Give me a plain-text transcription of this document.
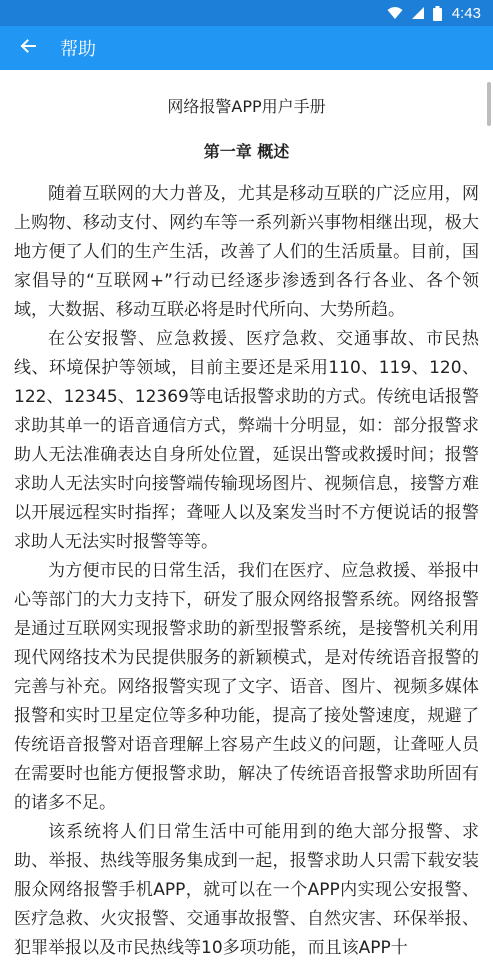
4:43
帮助
网络报警APP用户手册
第一章 概述

随着互联网的大力普及，尤其是移动互联的广泛应用，网上购物、移动支付、网约车等一系列新兴事物相继出现，极大地方便了人们的生产生活，改善了人们的生活质量。目前，国家倡导的“互联网+”行动已经逐步渗透到各行各业、各个领域，大数据、移动互联必将是时代所向、大势所趋。

在公安报警、应急救援、医疗急救、交通事故、市民热线、环境保护等领域，目前主要还是采用110、119、120、122、12345、12369等电话报警求助的方式。传统电话报警求助其单一的语音通信方式，弊端十分明显，如：部分报警求助人无法准确表达自身所处位置，延误出警或救援时间；报警求助人无法实时向接警端传输现场图片、视频信息，接警方难以开展远程实时指挥；聋哑人以及案发当时不方便说话的报警求助人无法实时报警等等。

为方便市民的日常生活，我们在医疗、应急救援、举报中心等部门的大力支持下，研发了服众网络报警系统。网络报警是通过互联网实现报警求助的新型报警系统，是接警机关利用现代网络技术为民提供服务的新颖模式，是对传统语音报警的完善与补充。网络报警实现了文字、语音、图片、视频多媒体报警和实时卫星定位等多种功能，提高了接处警速度，规避了传统语音报警对语音理解上容易产生歧义的问题，让聋哑人员在需要时也能方便报警求助，解决了传统语音报警求助所固有的诸多不足。

该系统将人们日常生活中可能用到的绝大部分报警、求助、举报、热线等服务集成到一起，报警求助人只需下载安装服众网络报警手机APP，就可以在一个APP内实现公安报警、医疗急救、火灾报警、交通事故报警、自然灾害、环保举报、犯罪举报以及市民热线等10多项功能，而且该APP十
